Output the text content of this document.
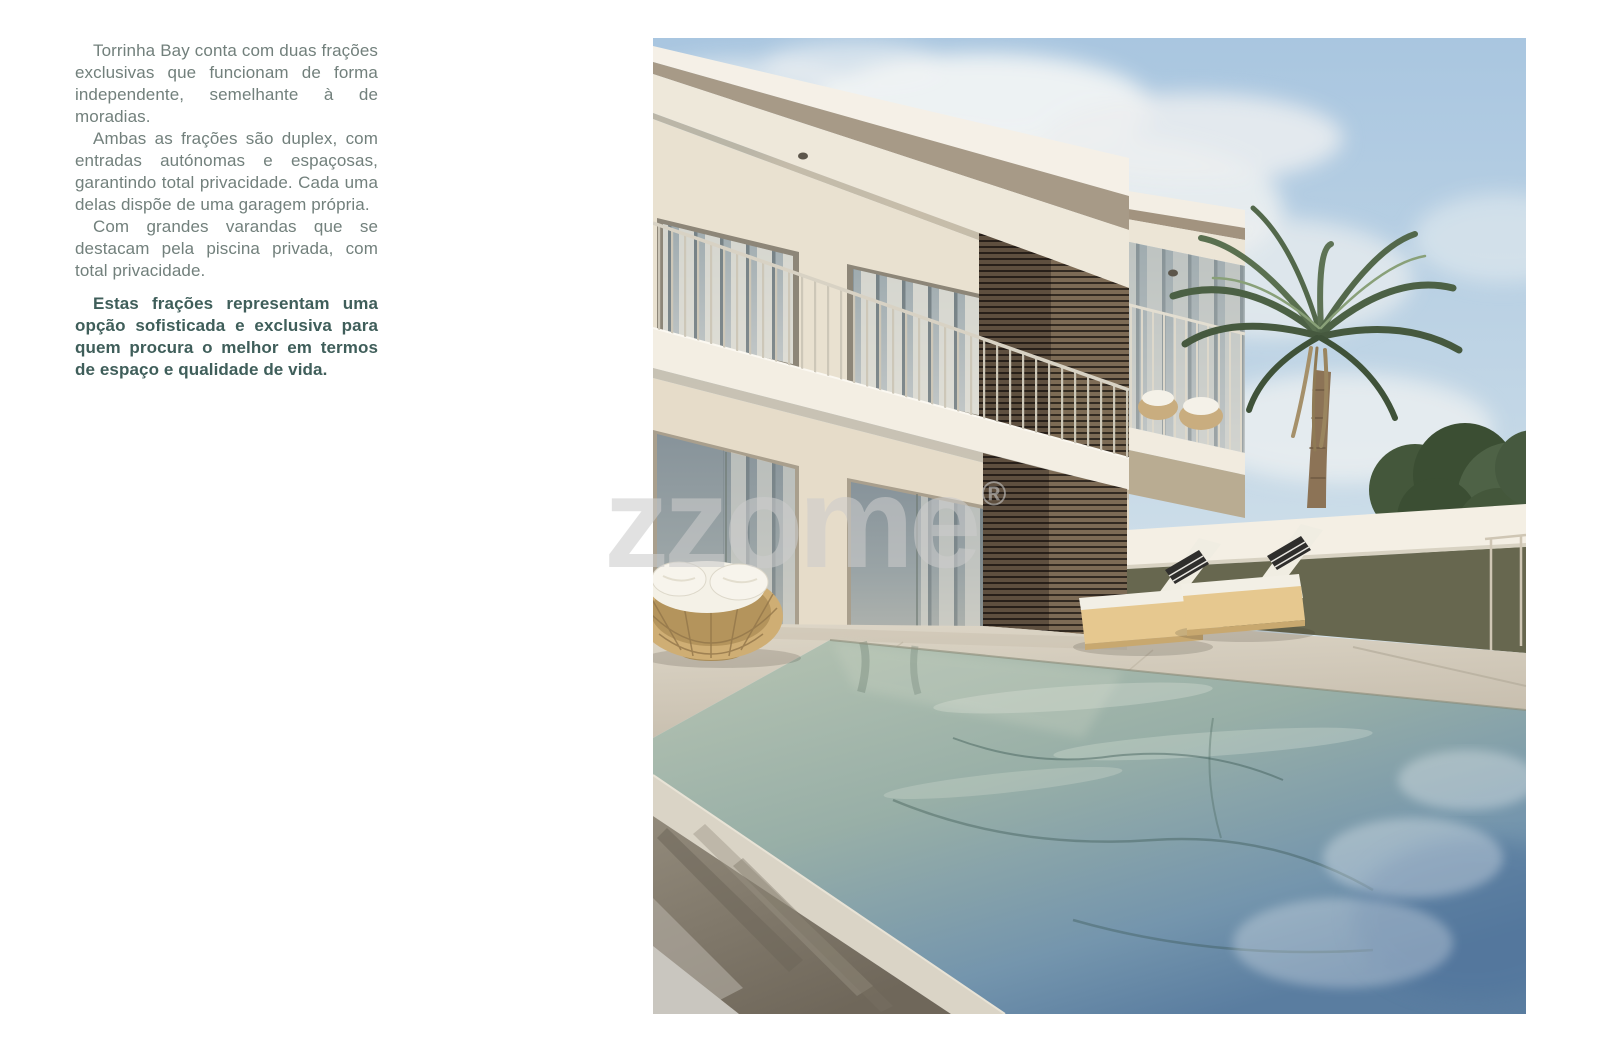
Torrinha Bay conta com duas frações exclusivas que funcionam de forma independente, semelhante à de moradias.

Ambas as frações são duplex, com entradas autónomas e espaçosas, garantindo total privacidade. Cada uma delas dispõe de uma garagem própria.

Com grandes varandas que se destacam pela piscina privada, com total privacidade.

Estas frações representam uma opção sofisticada e exclusiva para quem procura o melhor em termos de espaço e qualidade de vida.

zzome ®
